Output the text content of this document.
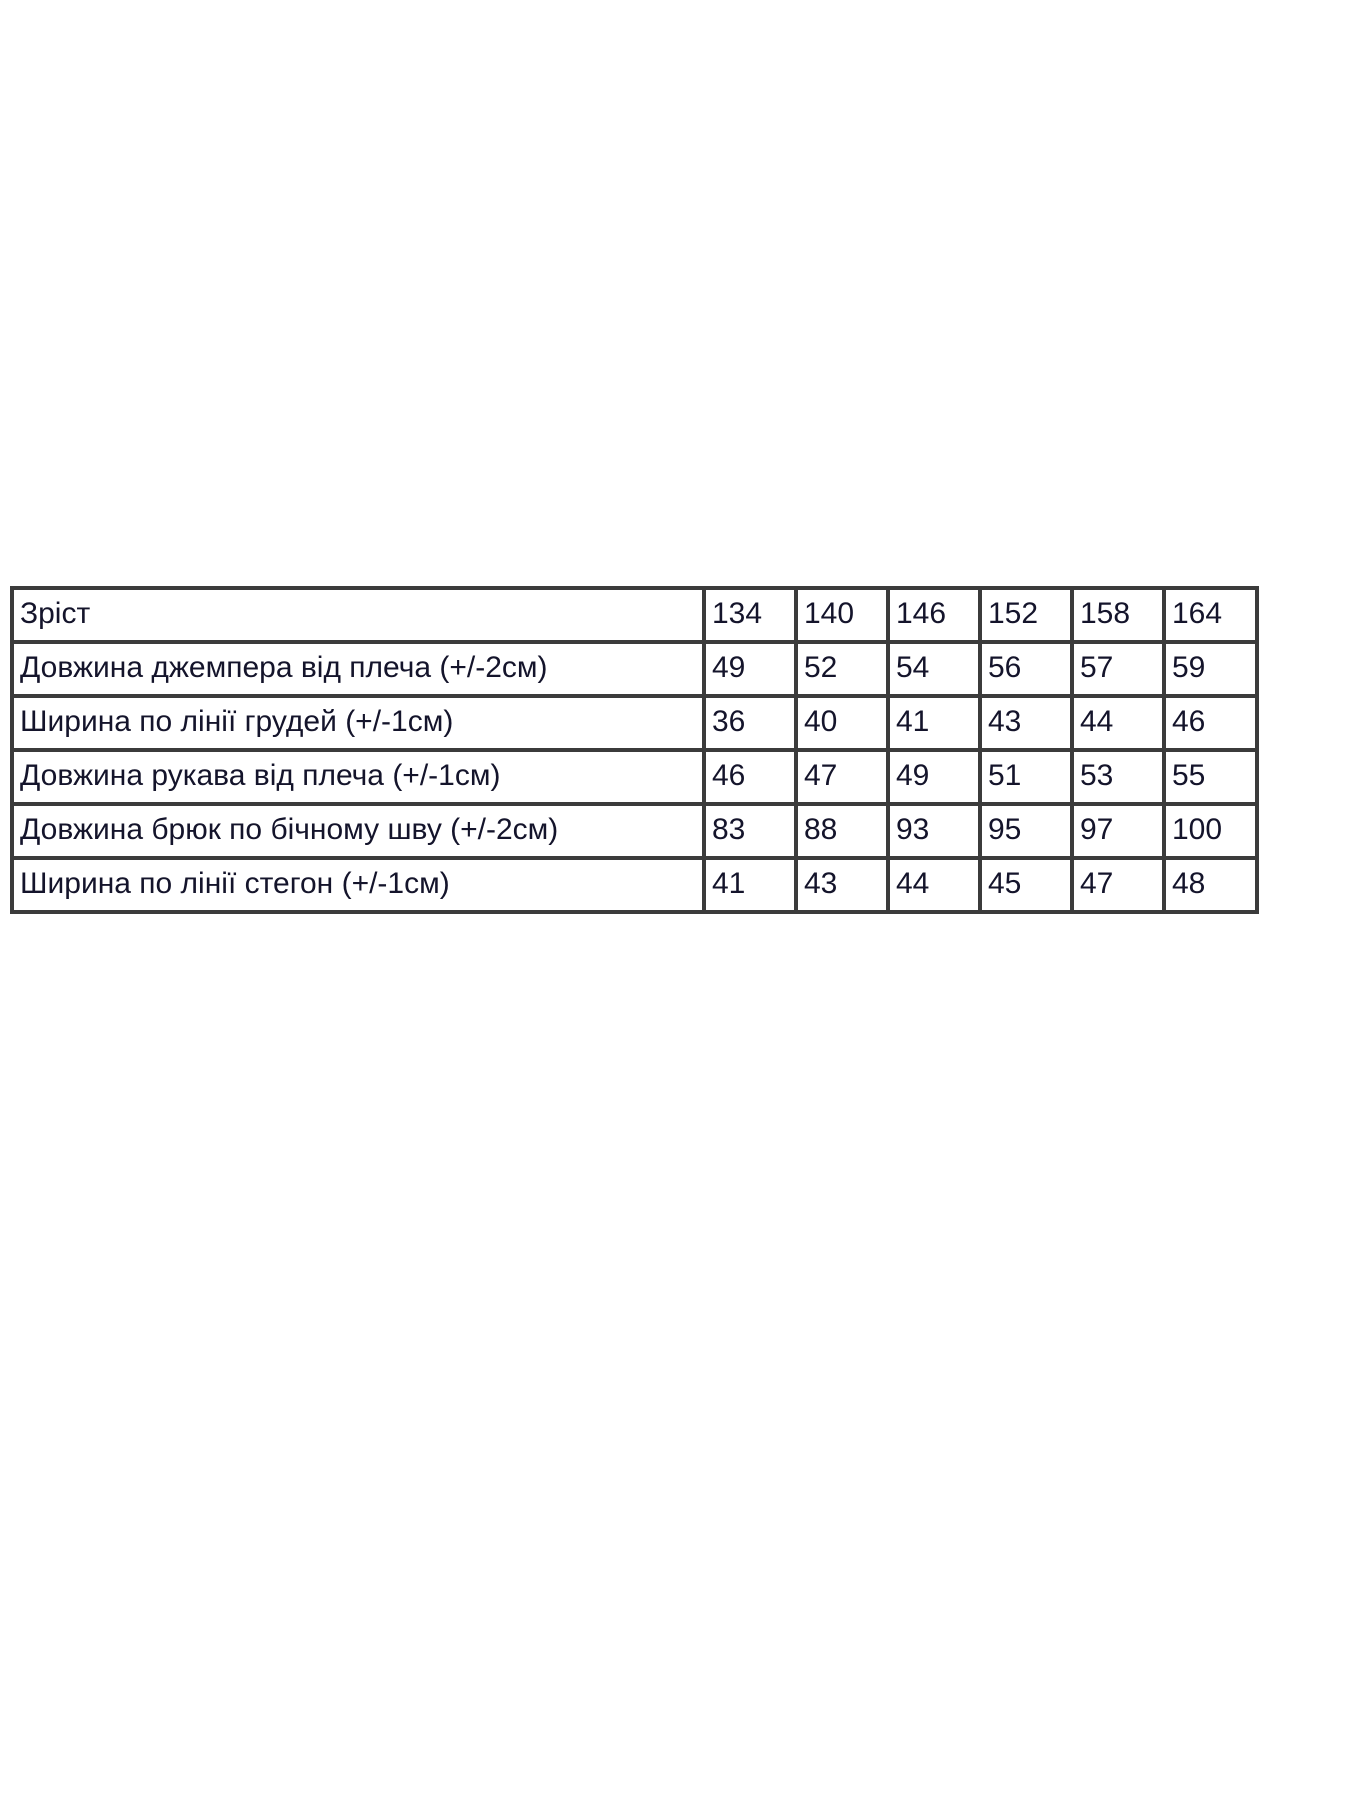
Зріст	134	140	146	152	158	164
Довжина джемпера від плеча (+/-2см)	49	52	54	56	57	59
Ширина по лінії грудей (+/-1см)	36	40	41	43	44	46
Довжина рукава від плеча (+/-1см)	46	47	49	51	53	55
Довжина брюк по бічному шву (+/-2см)	83	88	93	95	97	100
Ширина по лінії стегон (+/-1см)	41	43	44	45	47	48
